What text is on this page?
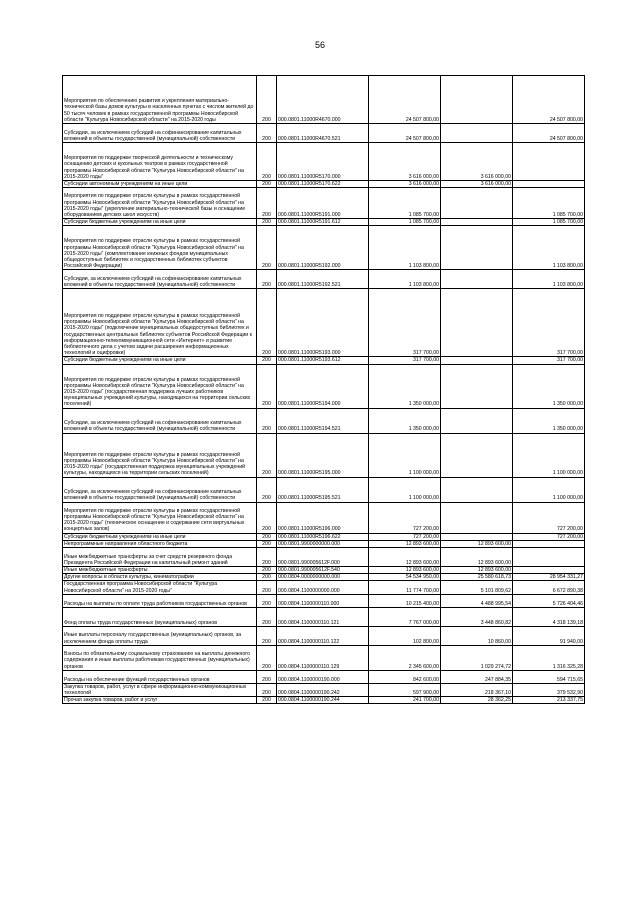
56
Мероприятия по обеспечению развития и укрепления материально-технической базы домов культуры в населенных пунктах с числом жителей до 50 тысяч человек в рамках государственной программы Новосибирской области "Культура Новосибирской области" на 2015-2020 годы	200	000.0801.11000R4670.000	24 507 800,00		24 507 800,00
Субсидии, за исключением субсидий на софинансирование капитальных вложений в объекты государственной (муниципальной) собственности	200	000.0801.11000R4670.521	24 507 800,00		24 507 800,00
Мероприятия по поддержке творческой деятельности и техническому оснащению детских и кукольных театров в рамках государственной программы Новосибирской области "Культура Новосибирской области" на 2015-2020 годы"	200	000.0801.11000R5170.000	3 616 000,00	3 616 000,00	
Субсидии автономным учреждениям на иные цели	200	000.0801.11000R5170.622	3 616 000,00	3 616 000,00	
Мероприятия по поддержке отрасли культуры в рамках государственной программы Новосибирской области "Культура Новосибирской области" на 2015-2020 годы" (укрепление материально-технической базы и оснащение оборудованием детских школ искусств)	200	000.0801.11000R5191.000	1 085 700,00		1 085 700,00
Субсидии бюджетным учреждениям на иные цели	200	000.0801.11000R5191.612	1 085 700,00		1 085 700,00
Мероприятия по поддержке отрасли культуры в рамках государственной программы Новосибирской области "Культура Новосибирской области" на 2015-2020 годы" (комплектование книжных фондов муниципальных общедоступных библиотек и государственных библиотек субъектов Российской Федерации)	200	000.0801.11000R5192.000	1 103 800,00		1 103 800,00
Субсидии, за исключением субсидий на софинансирование капитальных вложений в объекты государственной (муниципальной) собственности	200	000.0801.11000R5192.521	1 103 800,00		1 103 800,00
Мероприятия по поддержке отрасли культуры в рамках государственной программы Новосибирской области "Культура Новосибирской области" на 2015-2020 годы" (подключение муниципальных общедоступных библиотек и государственных центральных библиотек субъектов Российской Федерации к информационно-телекоммуникационной сети «Интернет» и развитие библиотечного дела с учетом задачи расширения информационных технологий и оцифровки)	200	000.0801.11000R5193.000	317 700,00		317 700,00
Субсидии бюджетным учреждениям на иные цели	200	000.0801.11000R5193.612	317 700,00		317 700,00
Мероприятия по поддержке отрасли культуры в рамках государственной программы Новосибирской области "Культура Новосибирской области" на 2015-2020 годы" (государственная поддержка лучших работников муниципальных учреждений культуры, находящихся на территории сельских поселений)	200	000.0801.11000R5194.000	1 350 000,00		1 350 000,00
Субсидии, за исключением субсидий на софинансирование капитальных вложений в объекты государственной (муниципальной) собственности	200	000.0801.11000R5194.521	1 350 000,00		1 350 000,00
Мероприятия по поддержке отрасли культуры в рамках государственной программы Новосибирской области "Культура Новосибирской области" на 2015-2020 годы" (государственная поддержка муниципальных учреждений культуры, находящихся на территории сельских поселений)	200	000.0801.11000R5195.000	1 100 000,00		1 100 000,00
Субсидии, за исключением субсидий на софинансирование капитальных вложений в объекты государственной (муниципальной) собственности	200	000.0801.11000R5195.521	1 100 000,00		1 100 000,00
Мероприятия по поддержке отрасли культуры в рамках государственной программы Новосибирской области "Культура Новосибирской области" на 2015-2020 годы" (техническое оснащение и содержание сети виртуальных концертных залов)	200	000.0801.11000R5196.000	727 200,00		727 200,00
Субсидии бюджетным учреждениям на иные цели	200	000.0801.11000R5196.622	727 200,00		727 200,00
Непрограммные направления областного бюджета	200	000.0801.9900000000.000	12 893 600,00	12 893 600,00	
Иные межбюджетные трансферты за счет средств резервного фонда Президента Российской Федерации на капитальный ремонт зданий	200	000.0801.990005612F.000	12 893 600,00	12 893 600,00	
Иные межбюджетные трансферты	200	000.0801.990005612F.540	12 893 600,00	12 893 600,00	
Другие вопросы в области культуры, кинематографии	200	000.0804.0000000000.000	54 534 950,00	25 580 618,73	28 954 331,27
Государственная программа Новосибирской области "Культура Новосибирской области" на 2015-2020 годы"	200	000.0804.1100000000.000	11 774 700,00	5 101 809,62	6 672 890,38
Расходы на выплаты по оплате труда работников государственных органов	200	000.0804.1100000110.000	10 215 400,00	4 488 995,54	5 726 404,46
Фонд оплаты труда государственных (муниципальных) органов	200	000.0804.1100000110.121	7 767 000,00	3 448 860,82	4 318 139,18
Иные выплаты персоналу государственных (муниципальных) органов, за исключением фонда оплаты труда	200	000.0804.1100000110.122	102 800,00	10 860,00	91 940,00
Взносы по обязательному социальному страхованию на выплаты денежного содержания и иные выплаты работникам государственных (муниципальных) органов	200	000.0804.1100000110.129	2 345 600,00	1 029 274,72	1 316 325,28
Расходы на обеспечение функций государственных органов	200	000.0804.1100000190.000	842 600,00	247 884,35	594 715,65
Закупка товаров, работ, услуг в сфере информационно-коммуникационных технологий	200	000.0804.1100000190.242	597 900,00	218 367,10	379 532,90
Прочая закупка товаров, работ и услуг	200	000.0804.1100000190.244	241 700,00	28 362,25	213 337,75
